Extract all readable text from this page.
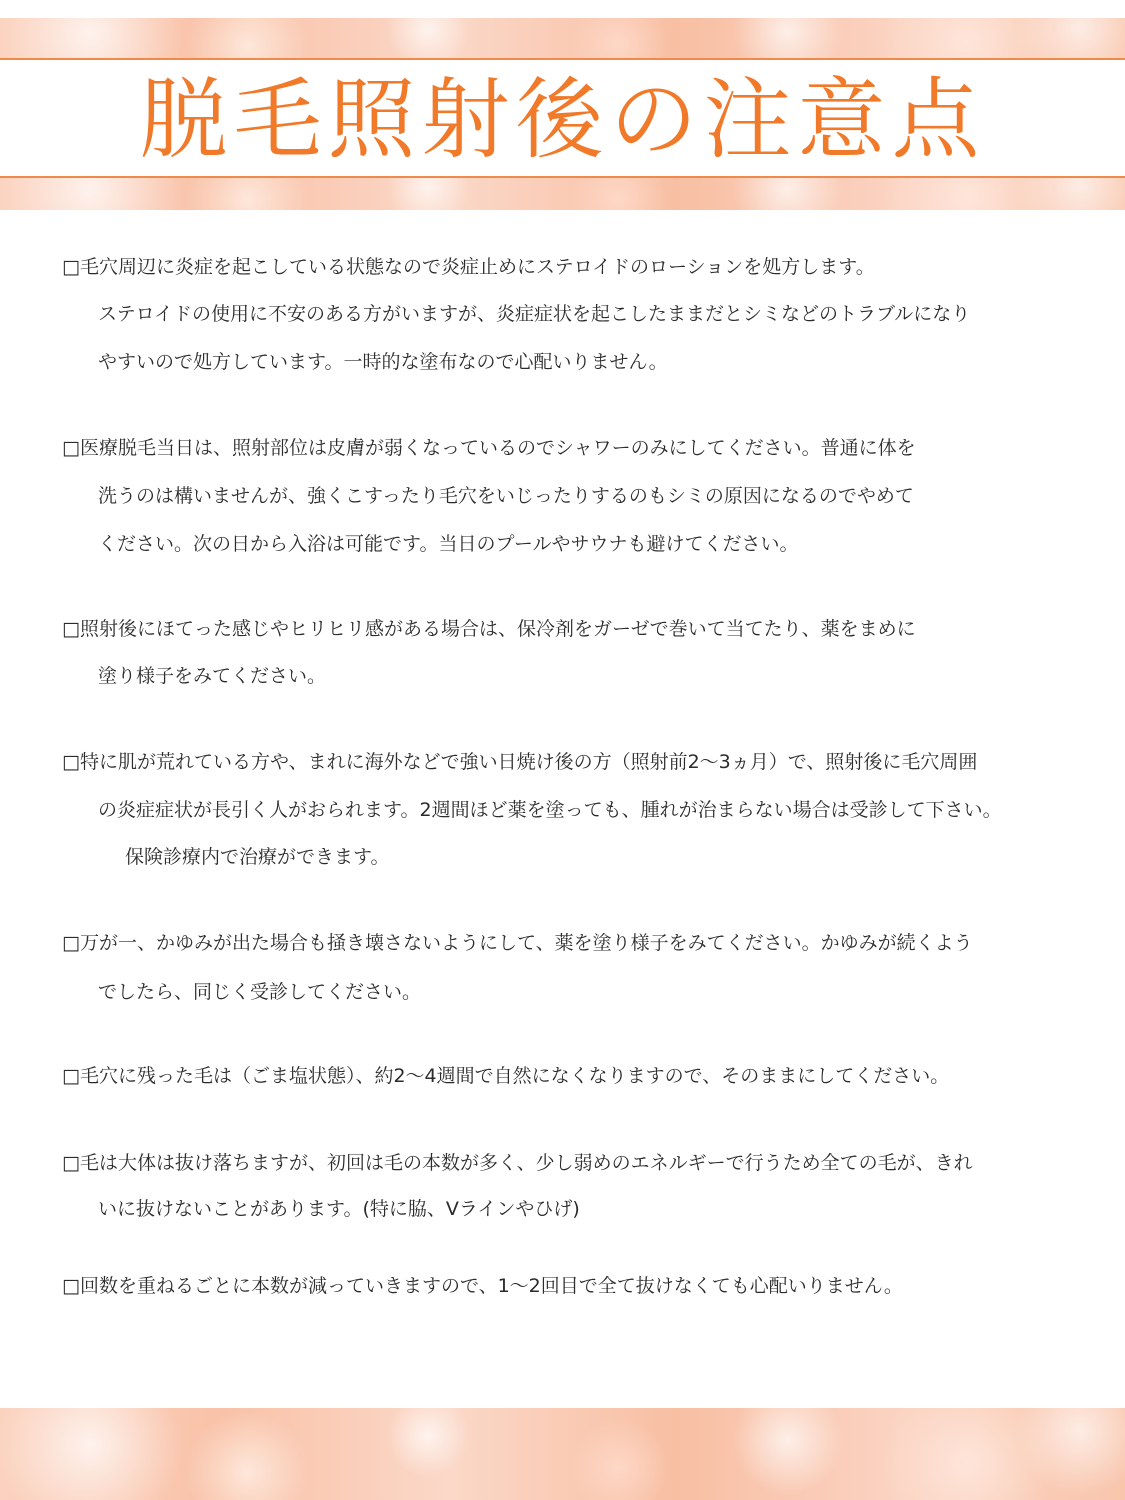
脱毛照射後の注意点
□毛穴周辺に炎症を起こしている状態なので炎症止めにステロイドのローションを処方します。
ステロイドの使用に不安のある方がいますが、炎症症状を起こしたままだとシミなどのトラブルになり
やすいので処方しています。一時的な塗布なので心配いりません。
□医療脱毛当日は、照射部位は皮膚が弱くなっているのでシャワーのみにしてください。普通に体を
洗うのは構いませんが、強くこすったり毛穴をいじったりするのもシミの原因になるのでやめて
ください。次の日から入浴は可能です。当日のプールやサウナも避けてください。
□照射後にほてった感じやヒリヒリ感がある場合は、保冷剤をガーゼで巻いて当てたり、薬をまめに
塗り様子をみてください。
□特に肌が荒れている方や、まれに海外などで強い日焼け後の方（照射前2〜3ヵ月）で、照射後に毛穴周囲
の炎症症状が長引く人がおられます。2週間ほど薬を塗っても、腫れが治まらない場合は受診して下さい。
保険診療内で治療ができます。
□万が一、かゆみが出た場合も掻き壊さないようにして、薬を塗り様子をみてください。かゆみが続くよう
でしたら、同じく受診してください。
□毛穴に残った毛は（ごま塩状態）、約2〜4週間で自然になくなりますので、そのままにしてください。
□毛は大体は抜け落ちますが、初回は毛の本数が多く、少し弱めのエネルギーで行うため全ての毛が、きれ
いに抜けないことがあります。(特に脇、Vラインやひげ)
□回数を重ねるごとに本数が減っていきますので、1〜2回目で全て抜けなくても心配いりません。
